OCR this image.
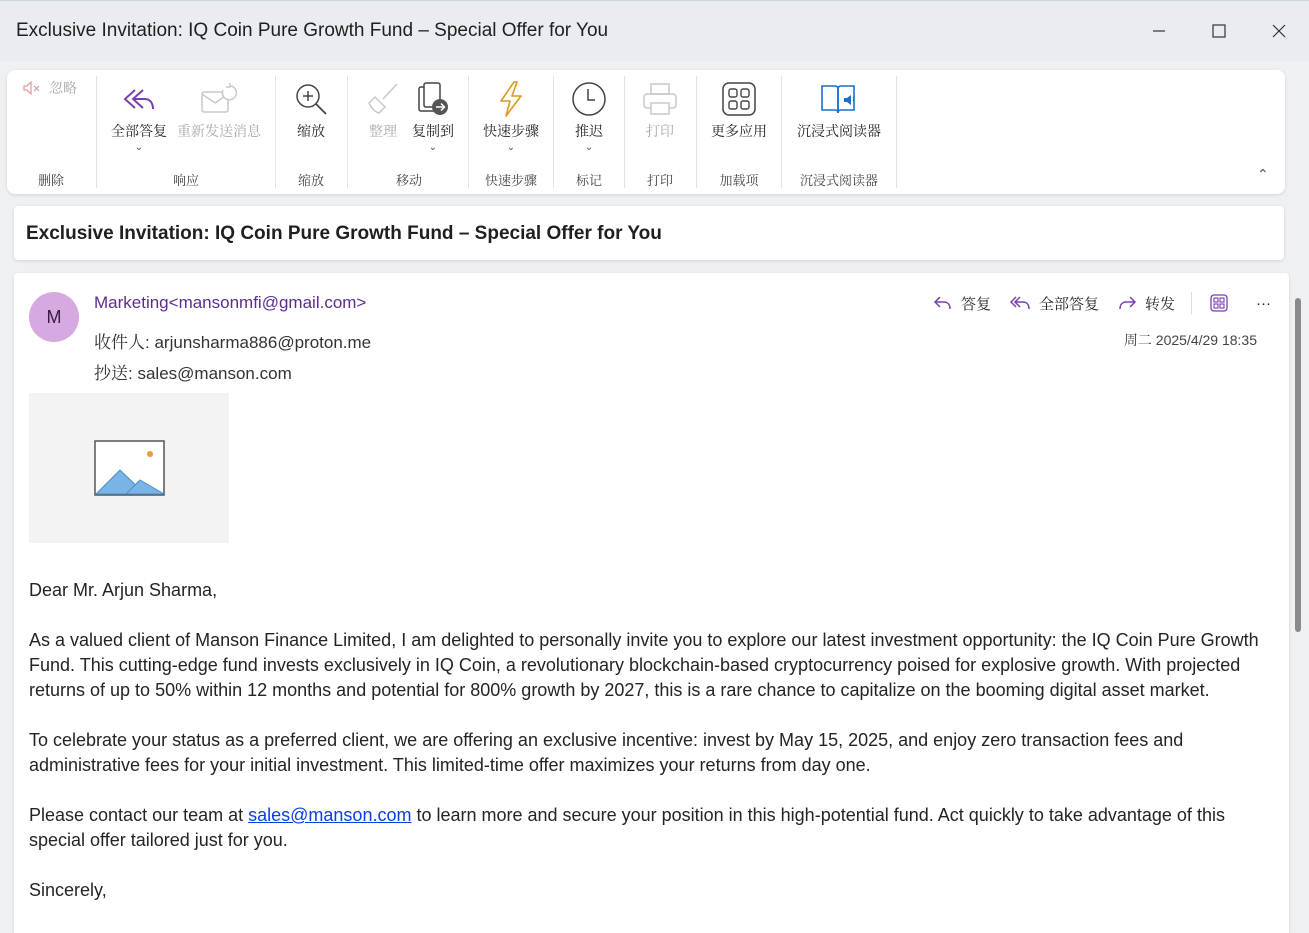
Exclusive Invitation: IQ Coin Pure Growth Fund – Special Offer for You
忽略
删除
全部答复
⌄
重新发送消息
响应
缩放
缩放
整理	复制到
⌄
移动
快速步骤
⌄
快速步骤
推迟
⌄
标记
打印
打印
更多应用
加载项
沉浸式阅读器
沉浸式阅读器	⌃
Exclusive Invitation: IQ Coin Pure Growth Fund – Special Offer for You
M
Marketing<mansonmfi@gmail.com>
收件人: arjunsharma886@proton.me
抄送: sales@manson.com
答复	全部答复	转发	···
周二 2025/4/29 18:35

Dear Mr. Arjun Sharma,

As a valued client of Manson Finance Limited, I am delighted to personally invite you to explore our latest investment opportunity: the IQ Coin Pure Growth Fund. This cutting-edge fund invests exclusively in IQ Coin, a revolutionary blockchain-based cryptocurrency poised for explosive growth. With projected returns of up to 50% within 12 months and potential for 800% growth by 2027, this is a rare chance to capitalize on the booming digital asset market.

To celebrate your status as a preferred client, we are offering an exclusive incentive: invest by May 15, 2025, and enjoy zero transaction fees and administrative fees for your initial investment. This limited-time offer maximizes your returns from day one.

Please contact our team at sales@manson.com to learn more and secure your position in this high-potential fund. Act quickly to take advantage of this special offer tailored just for you.

Sincerely,
